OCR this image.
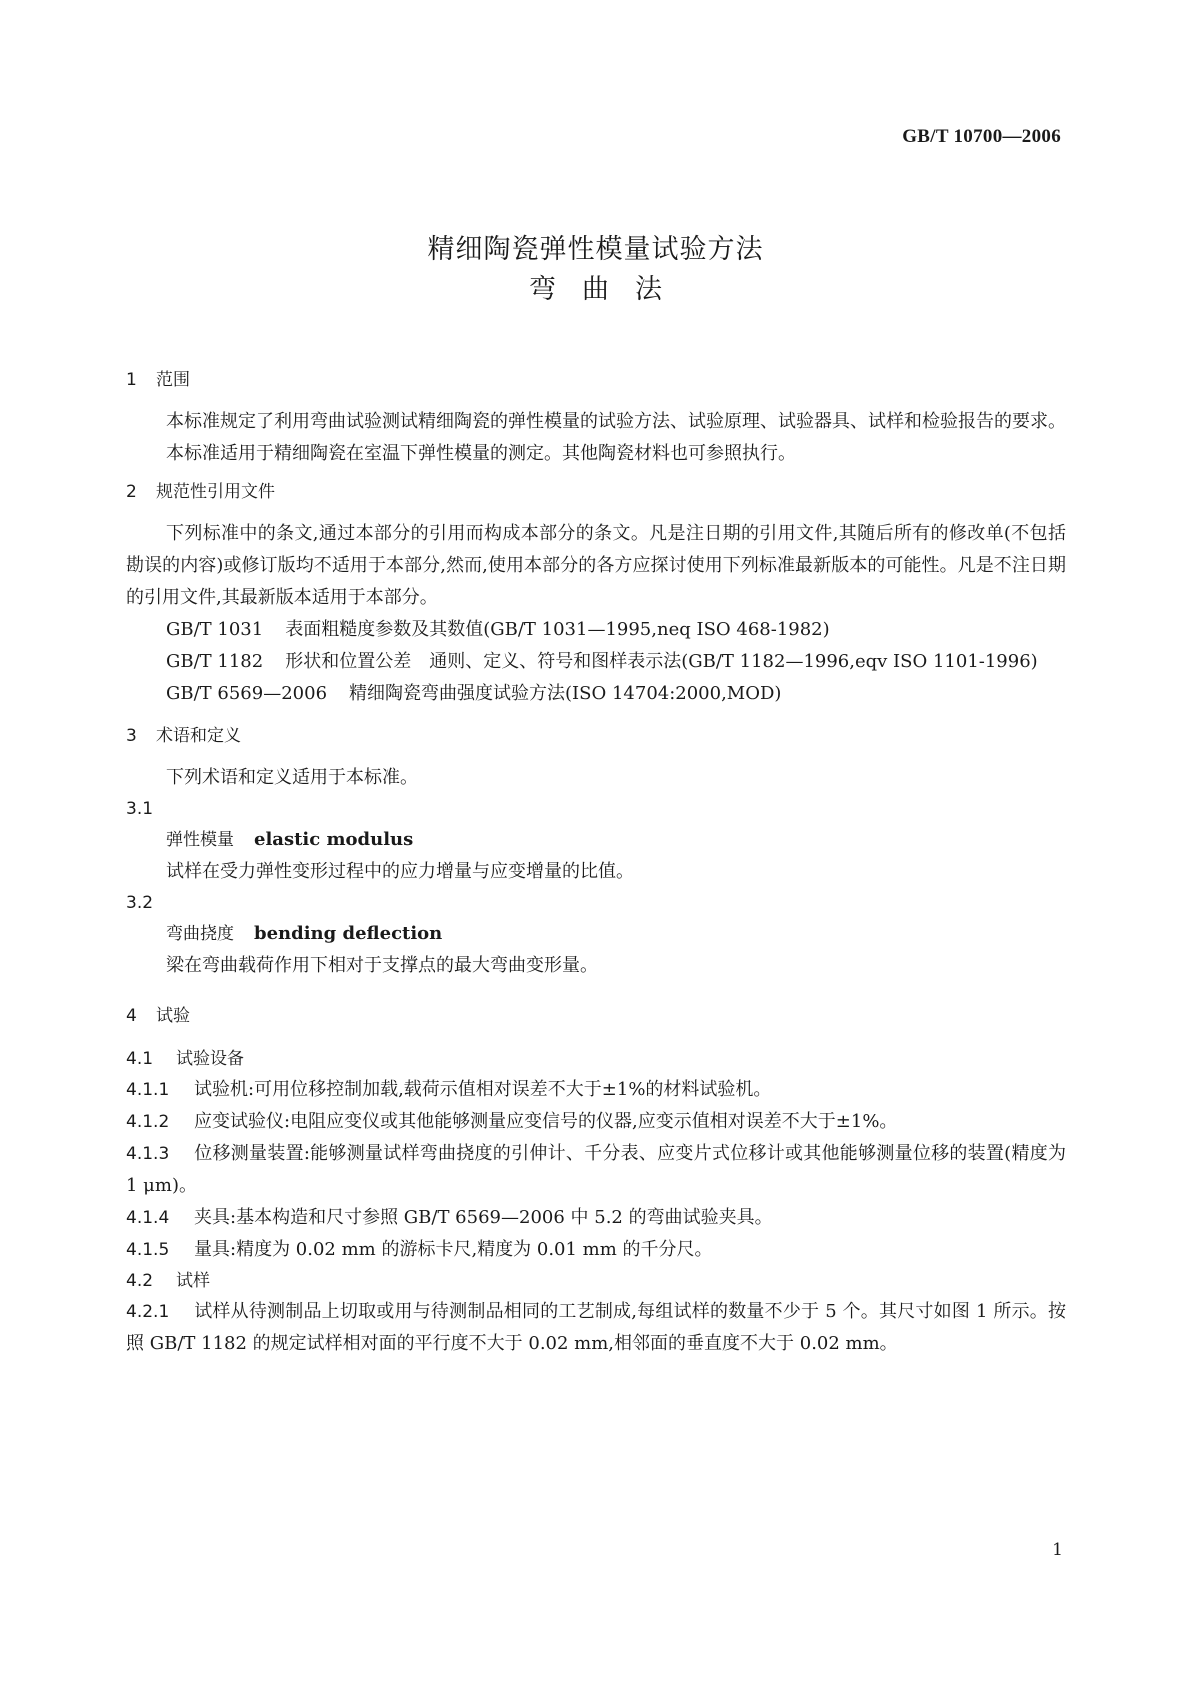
GB/T 10700—2006
精细陶瓷弹性模量试验方法
弯曲法

1 范围

本标准规定了利用弯曲试验测试精细陶瓷的弹性模量的试验方法、试验原理、试验器具、试样和检验报告的要求。

本标准适用于精细陶瓷在室温下弹性模量的测定。其他陶瓷材料也可参照执行。

2 规范性引用文件

下列标准中的条文,通过本部分的引用而构成本部分的条文。凡是注日期的引用文件,其随后所有的修改单(不包括勘误的内容)或修订版均不适用于本部分,然而,使用本部分的各方应探讨使用下列标准最新版本的可能性。凡是不注日期的引用文件,其最新版本适用于本部分。

GB/T 1031 表面粗糙度参数及其数值(GB/T 1031—1995,neq ISO 468-1982)

GB/T 1182 形状和位置公差　通则、定义、符号和图样表示法(GB/T 1182—1996,eqv ISO 1101-1996)

GB/T 6569—2006 精细陶瓷弯曲强度试验方法(ISO 14704:2000,MOD)

3 术语和定义

下列术语和定义适用于本标准。

3.1

弹性模量 elastic modulus

试样在受力弹性变形过程中的应力增量与应变增量的比值。

3.2

弯曲挠度 bending deflection

梁在弯曲载荷作用下相对于支撑点的最大弯曲变形量。

4 试验

4.1 试验设备

4.1.1 试验机:可用位移控制加载,载荷示值相对误差不大于±1%的材料试验机。

4.1.2 应变试验仪:电阻应变仪或其他能够测量应变信号的仪器,应变示值相对误差不大于±1%。

4.1.3 位移测量装置:能够测量试样弯曲挠度的引伸计、千分表、应变片式位移计或其他能够测量位移的装置(精度为 1 μm)。

4.1.4 夹具:基本构造和尺寸参照 GB/T 6569—2006 中 5.2 的弯曲试验夹具。

4.1.5 量具:精度为 0.02 mm 的游标卡尺,精度为 0.01 mm 的千分尺。

4.2 试样

4.2.1 试样从待测制品上切取或用与待测制品相同的工艺制成,每组试样的数量不少于 5 个。其尺寸如图 1 所示。按照 GB/T 1182 的规定试样相对面的平行度不大于 0.02 mm,相邻面的垂直度不大于 0.02 mm。

1
